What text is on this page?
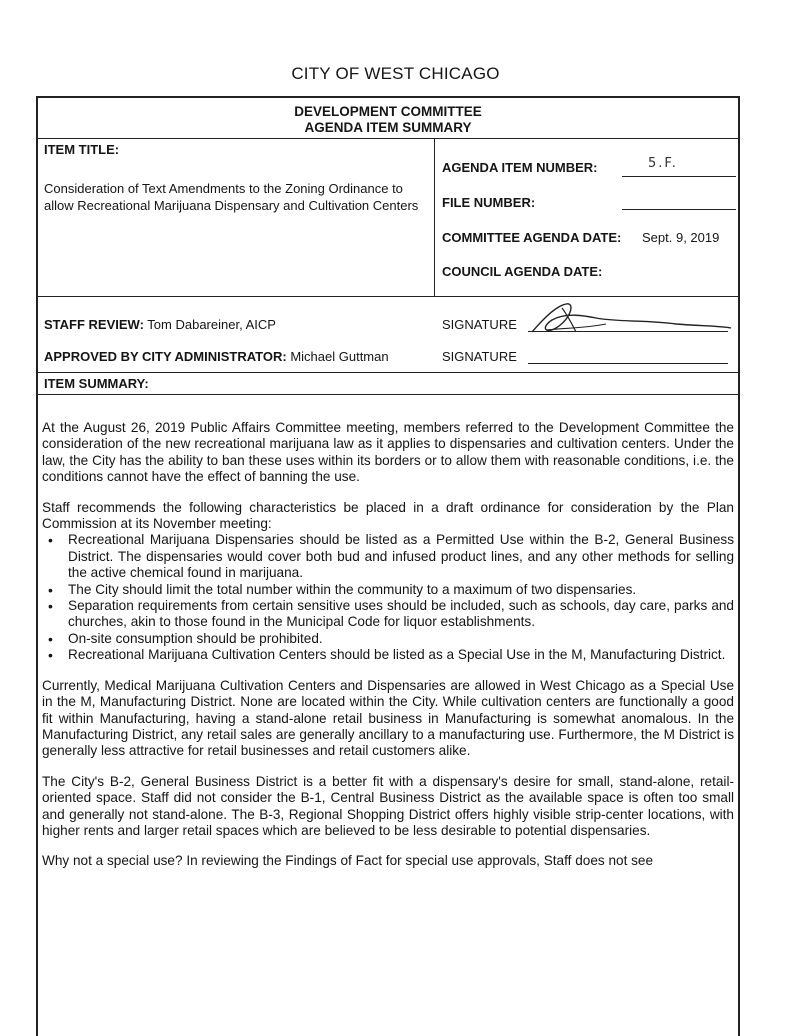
CITY OF WEST CHICAGO
DEVELOPMENT COMMITTEE
AGENDA ITEM SUMMARY
ITEM TITLE:
Consideration of Text Amendments to the Zoning Ordinance to allow Recreational Marijuana Dispensary and Cultivation Centers
AGENDA ITEM NUMBER:	5.F.
FILE NUMBER:
COMMITTEE AGENDA DATE: Sept. 9, 2019
COUNCIL AGENDA DATE:
STAFF REVIEW: Tom Dabareiner, AICP	SIGNATURE
APPROVED BY CITY ADMINISTRATOR: Michael Guttman	SIGNATURE
ITEM SUMMARY:

At the August 26, 2019 Public Affairs Committee meeting, members referred to the Development Committee the consideration of the new recreational marijuana law as it applies to dispensaries and cultivation centers. Under the law, the City has the ability to ban these uses within its borders or to allow them with reasonable conditions, i.e. the conditions cannot have the effect of banning the use.

Staff recommends the following characteristics be placed in a draft ordinance for consideration by the Plan Commission at its November meeting:

• Recreational Marijuana Dispensaries should be listed as a Permitted Use within the B-2, General Business District. The dispensaries would cover both bud and infused product lines, and any other methods for selling the active chemical found in marijuana.
• The City should limit the total number within the community to a maximum of two dispensaries.
• Separation requirements from certain sensitive uses should be included, such as schools, day care, parks and churches, akin to those found in the Municipal Code for liquor establishments.
• On-site consumption should be prohibited.
• Recreational Marijuana Cultivation Centers should be listed as a Special Use in the M, Manufacturing District.

Currently, Medical Marijuana Cultivation Centers and Dispensaries are allowed in West Chicago as a Special Use in the M, Manufacturing District. None are located within the City. While cultivation centers are functionally a good fit within Manufacturing, having a stand-alone retail business in Manufacturing is somewhat anomalous. In the Manufacturing District, any retail sales are generally ancillary to a manufacturing use. Furthermore, the M District is generally less attractive for retail businesses and retail customers alike.

The City's B-2, General Business District is a better fit with a dispensary's desire for small, stand-alone, retail-oriented space. Staff did not consider the B-1, Central Business District as the available space is often too small and generally not stand-alone. The B-3, Regional Shopping District offers highly visible strip-center locations, with higher rents and larger retail spaces which are believed to be less desirable to potential dispensaries.

Why not a special use? In reviewing the Findings of Fact for special use approvals, Staff does not see
